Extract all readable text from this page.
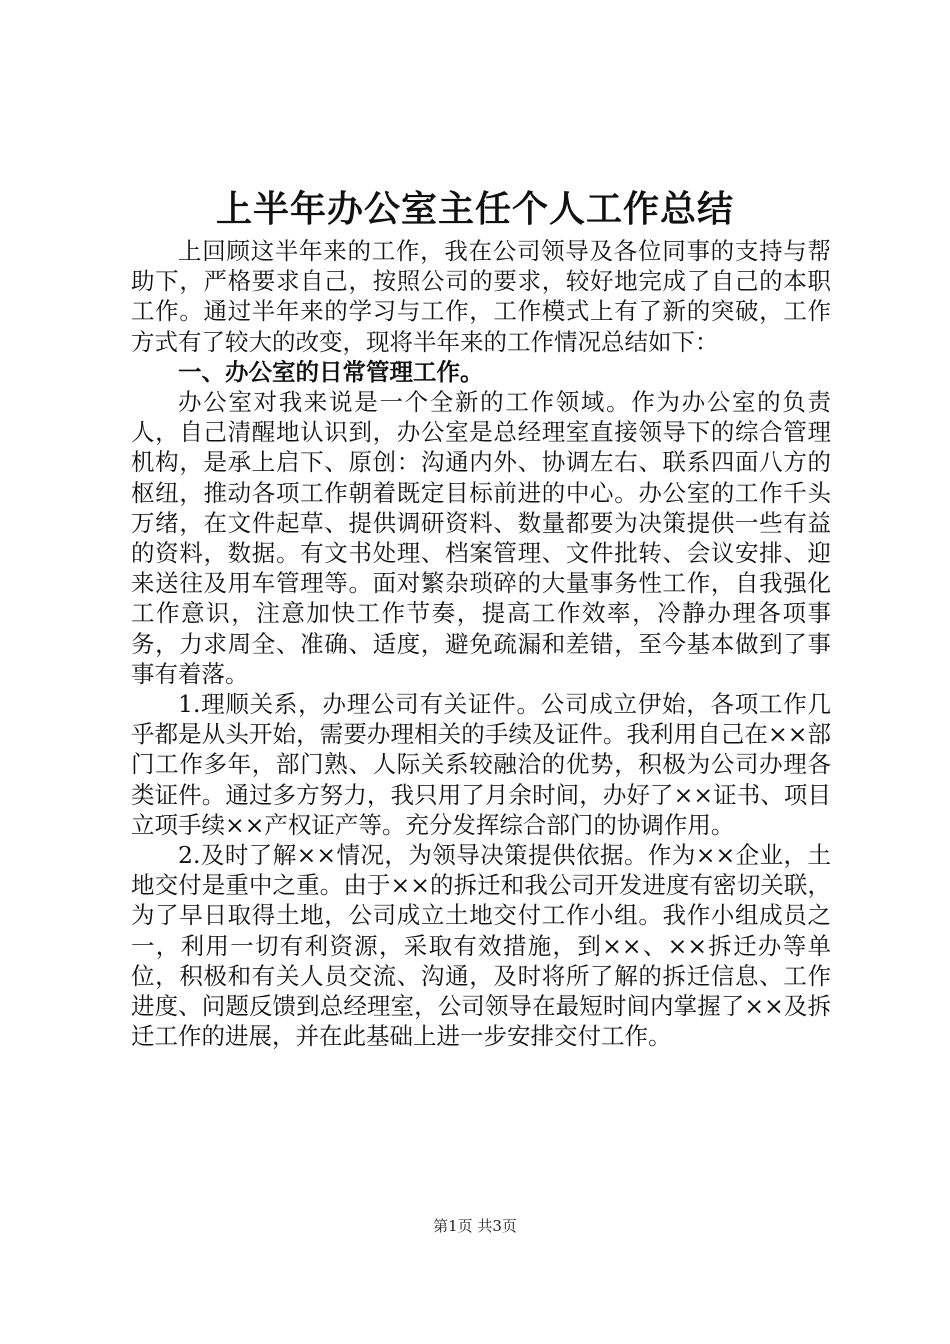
上半年办公室主任个人工作总结

上回顾这半年来的工作，我在公司领导及各位同事的支持与帮助下，严格要求自己，按照公司的要求，较好地完成了自己的本职工作。通过半年来的学习与工作，工作模式上有了新的突破，工作方式有了较大的改变，现将半年来的工作情况总结如下：

一、办公室的日常管理工作。

办公室对我来说是一个全新的工作领域。作为办公室的负责人，自己清醒地认识到，办公室是总经理室直接领导下的综合管理机构，是承上启下、原创：沟通内外、协调左右、联系四面八方的枢纽，推动各项工作朝着既定目标前进的中心。办公室的工作千头万绪，在文件起草、提供调研资料、数量都要为决策提供一些有益的资料，数据。有文书处理、档案管理、文件批转、会议安排、迎来送往及用车管理等。面对繁杂琐碎的大量事务性工作，自我强化工作意识，注意加快工作节奏，提高工作效率，冷静办理各项事务，力求周全、准确、适度，避免疏漏和差错，至今基本做到了事事有着落。

1.理顺关系，办理公司有关证件。公司成立伊始，各项工作几乎都是从头开始，需要办理相关的手续及证件。我利用自己在××部门工作多年，部门熟、人际关系较融洽的优势，积极为公司办理各类证件。通过多方努力，我只用了月余时间，办好了××证书、项目立项手续××产权证产等。充分发挥综合部门的协调作用。

2.及时了解××情况，为领导决策提供依据。作为××企业，土地交付是重中之重。由于××的拆迁和我公司开发进度有密切关联，为了早日取得土地，公司成立土地交付工作小组。我作小组成员之一，利用一切有利资源，采取有效措施，到××、××拆迁办等单位，积极和有关人员交流、沟通，及时将所了解的拆迁信息、工作进度、问题反馈到总经理室，公司领导在最短时间内掌握了××及拆迁工作的进展，并在此基础上进一步安排交付工作。

第1页 共3页
